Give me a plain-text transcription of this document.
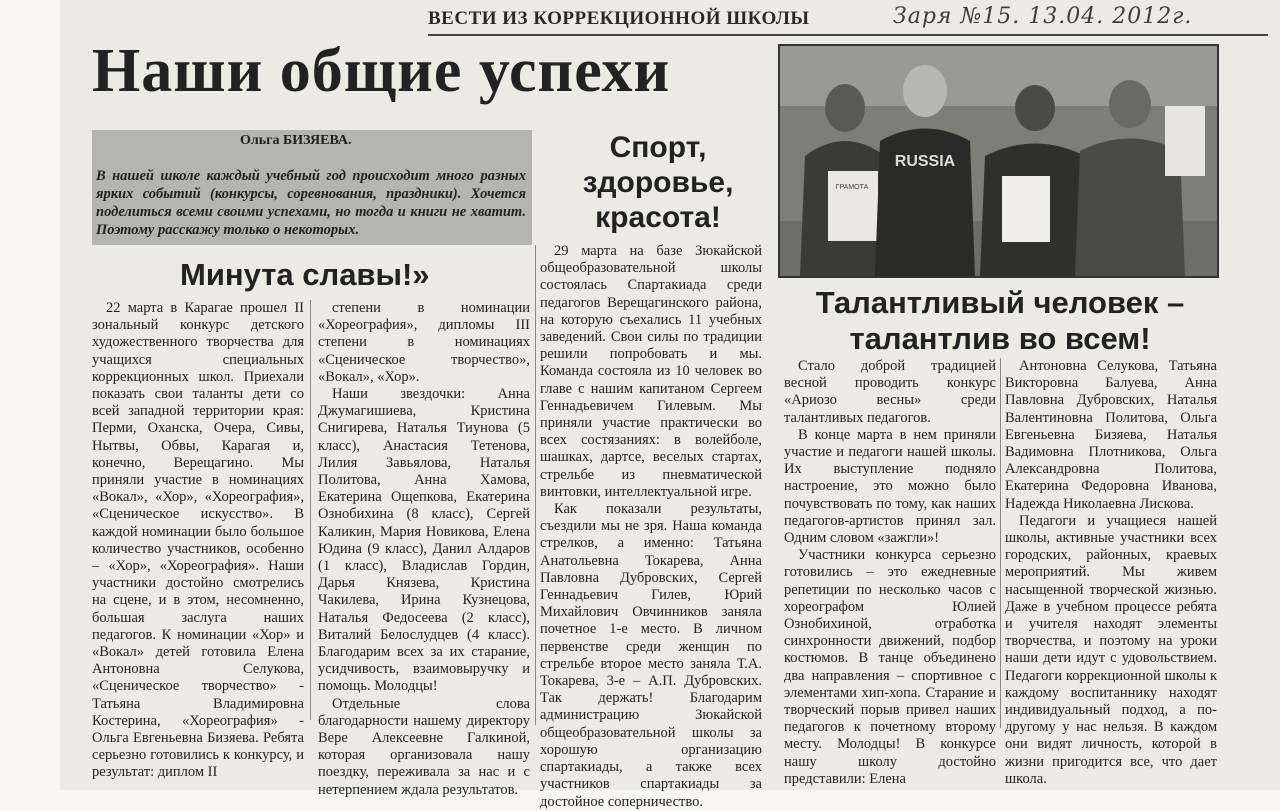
ВЕСТИ ИЗ КОРРЕКЦИОННОЙ ШКОЛЫ	Заря №15. 13.04. 2012г.
Наши общие успехи
Ольга БИЗЯЕВА.
В нашей школе каждый учебный год происходит много разных ярких событий (конкурсы, соревнования, праздники). Хочется поделиться всеми своими успехами, но тогда и книги не хватит. Поэтому расскажу только о некоторых.
Минута славы!»
Спорт, здоровье, красота!
Талантливый человек – талантлив во всем!
RUSSIA
ГРАМОТА

22 марта в Карагае прошел II зональный конкурс детского художественного творчества для учащихся специальных коррекционных школ. Приехали показать свои таланты дети со всей западной территории края: Перми, Оханска, Очера, Сивы, Нытвы, Обвы, Карагая и, конечно, Верещагино. Мы приняли участие в номинациях «Вокал», «Хор», «Хореография», «Сценическое искусство». В каждой номинации было большое количество участников, особенно – «Хор», «Хореография». Наши участники достойно смотрелись на сцене, и в этом, несомненно, большая заслуга наших педагогов. К номинации «Хор» и «Вокал» детей готовила Елена Антоновна Селукова, «Сценическое творчество» - Татьяна Владимировна Костерина, «Хореография» - Ольга Евгеньевна Бизяева. Ребята серьезно готовились к конкурсу, и результат: диплом II

степени в номинации «Хореография», дипломы III степени в номинациях «Сценическое творчество», «Вокал», «Хор».

Наши звездочки: Анна Джумагишиева, Кристина Снигирева, Наталья Тиунова (5 класс), Анастасия Тетенова, Лилия Завьялова, Наталья Политова, Анна Хамова, Екатерина Ощепкова, Екатерина Ознобихина (8 класс), Сергей Каликин, Мария Новикова, Елена Юдина (9 класс), Данил Алдаров (1 класс), Владислав Гордин, Дарья Князева, Кристина Чакилева, Ирина Кузнецова, Наталья Федосеева (2 класс), Виталий Белослудцев (4 класс). Благодарим всех за их старание, усидчивость, взаимовыручку и помощь. Молодцы!

Отдельные слова благодарности нашему директору Вере Алексеевне Галкиной, которая организовала нашу поездку, переживала за нас и с нетерпением ждала результатов.

29 марта на базе Зюкайской общеобразовательной школы состоялась Спартакиада среди педагогов Верещагинского района, на которую съехались 11 учебных заведений. Свои силы по традиции решили попробовать и мы. Команда состояла из 10 человек во главе с нашим капитаном Сергеем Геннадьевичем Гилевым. Мы приняли участие практически во всех состязаниях: в волейболе, шашках, дартсе, веселых стартах, стрельбе из пневматической винтовки, интеллектуальной игре.

Как показали результаты, съездили мы не зря. Наша команда стрелков, а именно: Татьяна Анатольевна Токарева, Анна Павловна Дубровских, Сергей Геннадьевич Гилев, Юрий Михайлович Овчинников заняла почетное 1-е место. В личном первенстве среди женщин по стрельбе второе место заняла Т.А. Токарева, 3-е – А.П. Дубровских. Так держать! Благодарим администрацию Зюкайской общеобразовательной школы за хорошую организацию спартакиады, а также всех участников спартакиады за достойное соперничество.

Стало доброй традицией весной проводить конкурс «Ариозо весны» среди талантливых педагогов.

В конце марта в нем приняли участие и педагоги нашей школы. Их выступление подняло настроение, это можно было почувствовать по тому, как наших педагогов-артистов принял зал. Одним словом «зажгли»!

Участники конкурса серьезно готовились – это ежедневные репетиции по несколько часов с хореографом Юлией Ознобихиной, отработка синхронности движений, подбор костюмов. В танце объединено два направления – спортивное с элементами хип-хопа. Старание и творческий порыв привел наших педагогов к почетному второму месту. Молодцы! В конкурсе нашу школу достойно представили: Елена

Антоновна Селукова, Татьяна Викторовна Балуева, Анна Павловна Дубровских, Наталья Валентиновна Политова, Ольга Евгеньевна Бизяева, Наталья Вадимовна Плотникова, Ольга Александровна Политова, Екатерина Федоровна Иванова, Надежда Николаевна Лискова.

Педагоги и учащиеся нашей школы, активные участники всех городских, районных, краевых мероприятий. Мы живем насыщенной творческой жизнью. Даже в учебном процессе ребята и учителя находят элементы творчества, и поэтому на уроки наши дети идут с удовольствием. Педагоги коррекционной школы к каждому воспитаннику находят индивидуальный подход, а по-другому у нас нельзя. В каждом они видят личность, которой в жизни пригодится все, что дает школа.
